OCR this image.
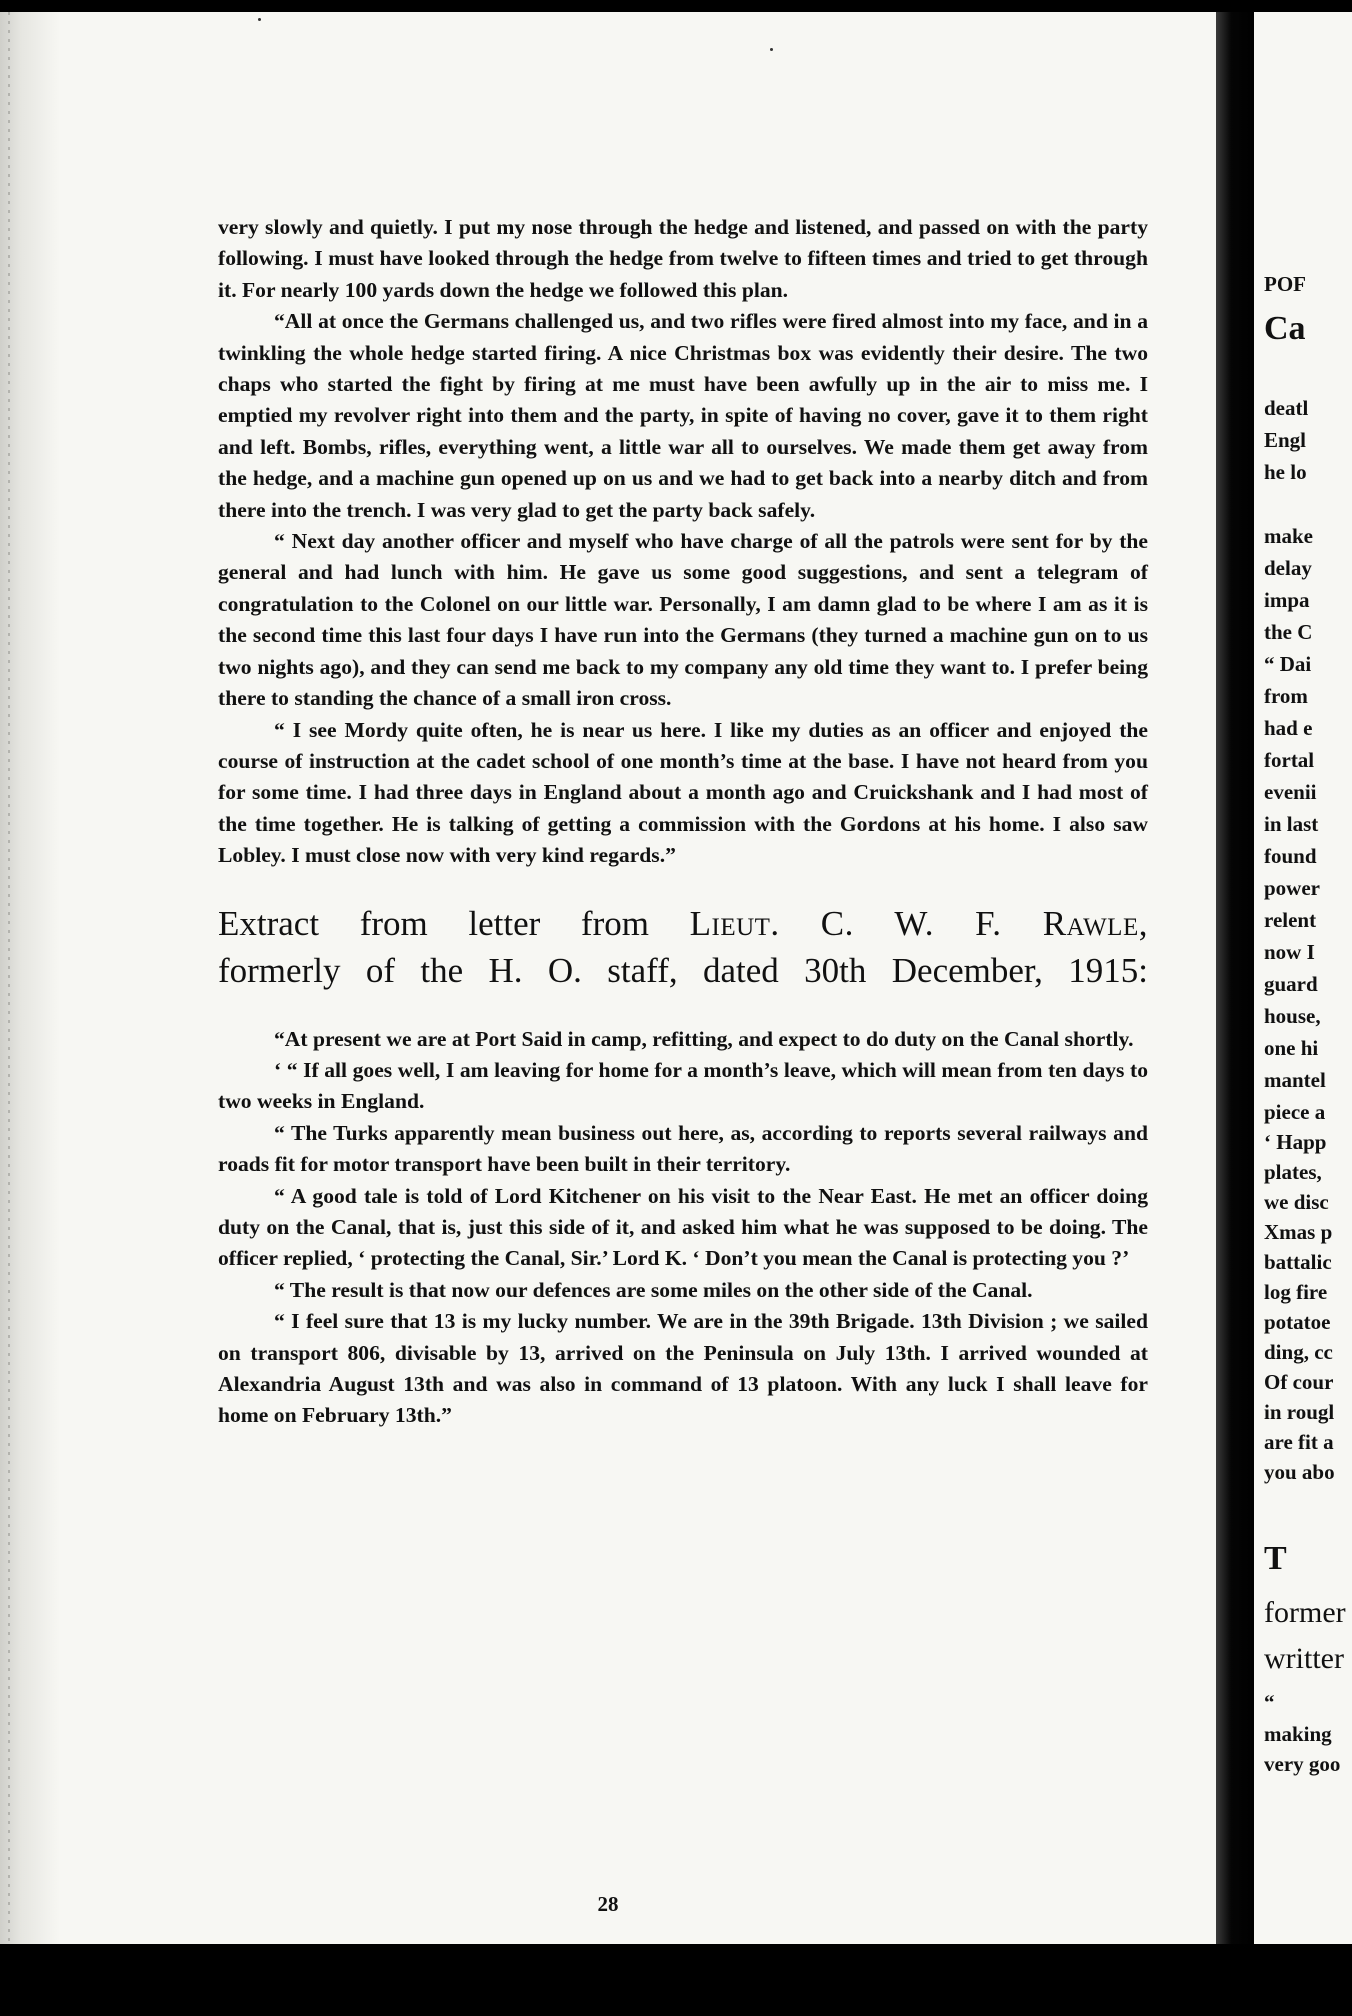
very slowly and quietly. I put my nose through the hedge and listened, and passed on with the party following. I must have looked through the hedge from twelve to fifteen times and tried to get through it. For nearly 100 yards down the hedge we followed this plan.

“All at once the Germans challenged us, and two rifles were fired almost into my face, and in a twinkling the whole hedge started firing. A nice Christmas box was evidently their desire. The two chaps who started the fight by firing at me must have been awfully up in the air to miss me. I emptied my revolver right into them and the party, in spite of having no cover, gave it to them right and left. Bombs, rifles, everything went, a little war all to ourselves. We made them get away from the hedge, and a machine gun opened up on us and we had to get back into a nearby ditch and from there into the trench. I was very glad to get the party back safely.

“ Next day another officer and myself who have charge of all the patrols were sent for by the general and had lunch with him. He gave us some good suggestions, and sent a telegram of congratulation to the Colonel on our little war. Personally, I am damn glad to be where I am as it is the second time this last four days I have run into the Germans (they turned a machine gun on to us two nights ago), and they can send me back to my company any old time they want to. I prefer being there to standing the chance of a small iron cross.

“ I see Mordy quite often, he is near us here. I like my duties as an officer and enjoyed the course of instruction at the cadet school of one month’s time at the base. I have not heard from you for some time. I had three days in England about a month ago and Cruickshank and I had most of the time together. He is talking of getting a commission with the Gordons at his home. I also saw Lobley. I must close now with very kind regards.”

Extract from letter from Lieut. C. W. F. Rawle,
formerly of the H. O. staff, dated 30th December, 1915:

“At present we are at Port Said in camp, refitting, and expect to do duty on the Canal shortly.

‘ “ If all goes well, I am leaving for home for a month’s leave, which will mean from ten days to two weeks in England.

“ The Turks apparently mean business out here, as, according to reports several railways and roads fit for motor transport have been built in their territory.

“ A good tale is told of Lord Kitchener on his visit to the Near East. He met an officer doing duty on the Canal, that is, just this side of it, and asked him what he was supposed to be doing. The officer replied, ‘ protecting the Canal, Sir.’ Lord K. ‘ Don’t you mean the Canal is protecting you ?’

“ The result is that now our defences are some miles on the other side of the Canal.

“ I feel sure that 13 is my lucky number. We are in the 39th Brigade. 13th Division ; we sailed on transport 806, divisable by 13, arrived on the Peninsula on July 13th. I arrived wounded at Alexandria August 13th and was also in command of 13 platoon. With any luck I shall leave for home on February 13th.”

28
POF
Ca
deatl
Engl
he lo
make
delay
impa
the C
“ Dai
from
had e
fortal
evenii
in last
found
power
relent
now I
guard
house,
one hi
mantel
piece a
‘ Happ
plates,
we disc
Xmas p
battalic
log fire
potatoe
ding, cc
Of cour
in rougl
are fit a
you abo
T
former
writter
“
making
very goo
